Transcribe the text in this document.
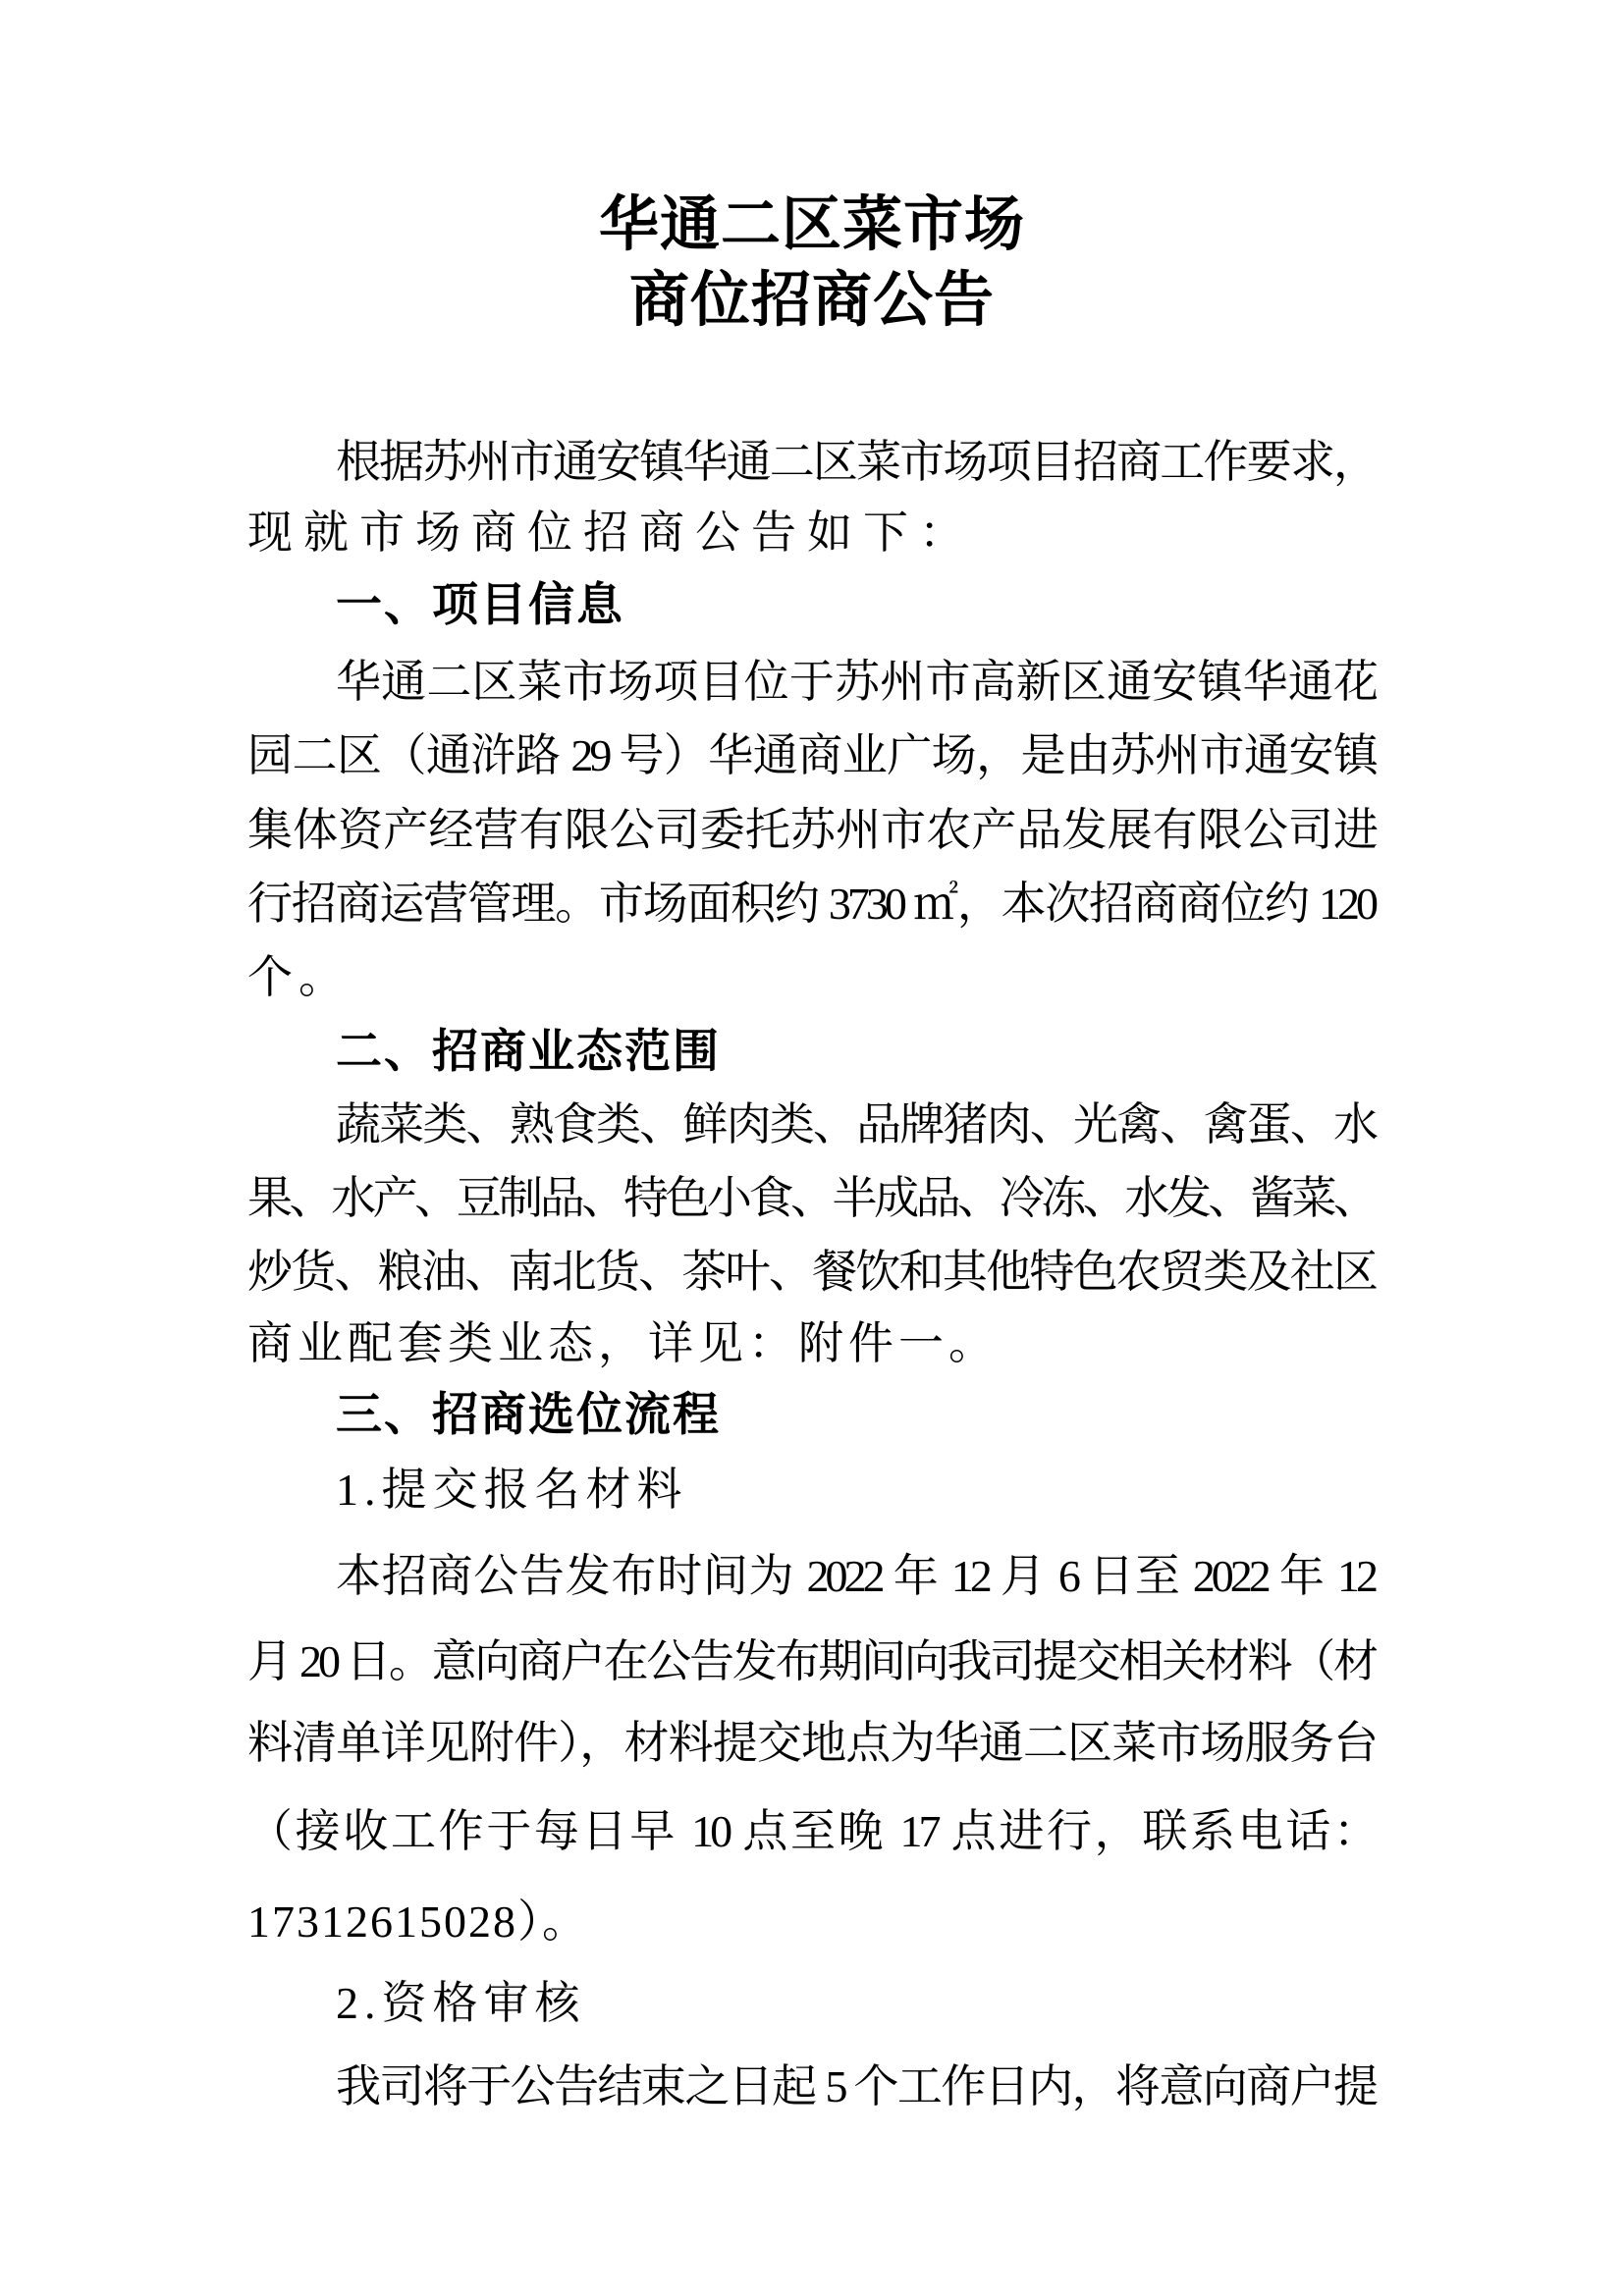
华通二区菜市场
商位招商公告
根据苏州市通安镇华通二区菜市场项目招商工作要求，
现就市场商位招商公告如下：
一、项目信息
华通二区菜市场项目位于苏州市高新区通安镇华通花
园二区（通浒路 29 号）华通商业广场，是由苏州市通安镇
集体资产经营有限公司委托苏州市农产品发展有限公司进
行招商运营管理。市场面积约 3730 ㎡，本次招商商位约 120
个。
二、招商业态范围
蔬菜类、熟食类、鲜肉类、品牌猪肉、光禽、禽蛋、水
果、水产、豆制品、特色小食、半成品、冷冻、水发、酱菜、
炒货、粮油、南北货、茶叶、餐饮和其他特色农贸类及社区
商业配套类业态，详见：附件一。
三、招商选位流程
1.提交报名材料
本招商公告发布时间为 2022 年 12 月 6 日至 2022 年 12
月 20 日。意向商户在公告发布期间向我司提交相关材料（材
料清单详见附件），材料提交地点为华通二区菜市场服务台
（接收工作于每日早 10 点至晚 17 点进行，联系电话：
17312615028）。
2.资格审核
我司将于公告结束之日起 5 个工作日内，将意向商户提
